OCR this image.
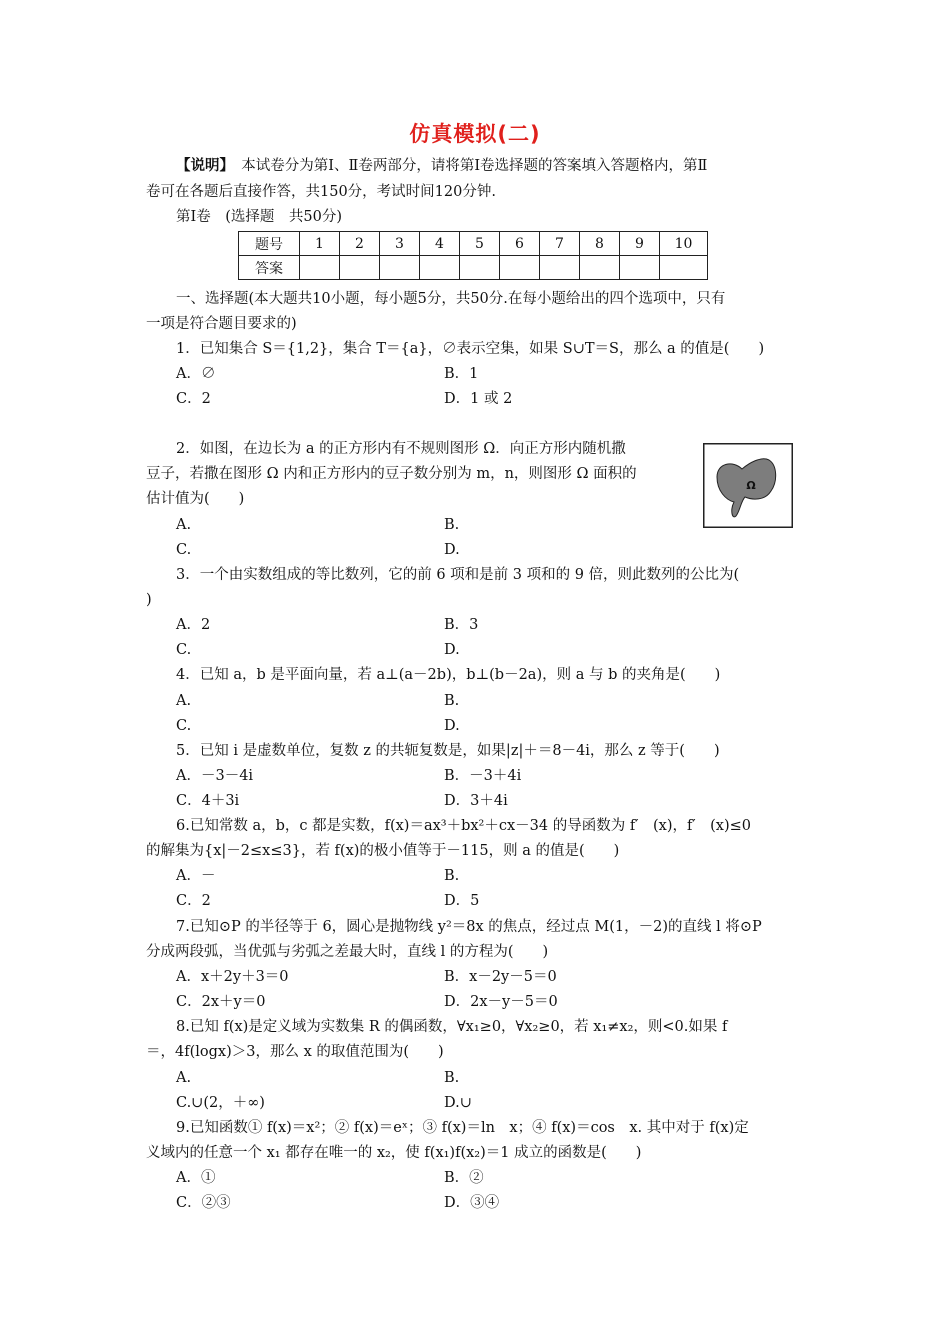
仿真模拟(二)
【说明】　 本试卷分为第Ⅰ、Ⅱ卷两部分，请将第Ⅰ卷选择题的答案填入答题格内，第Ⅱ
卷可在各题后直接作答，共150分，考试时间120分钟.
第Ⅰ卷　(选择题　共50分)
题号	1	2	3	4	5	6	7	8	9	10
答案										
一、选择题(本大题共10小题，每小题5分，共50分.在每小题给出的四个选项中，只有
一项是符合题目要求的)
1．已知集合 S＝{1,2}，集合 T＝{a}，∅表示空集，如果 S∪T＝S，那么 a 的值是(　　)
A．∅	B．1
C．2	D．1 或 2
2．如图，在边长为 a 的正方形内有不规则图形 Ω．向正方形内随机撒
豆子，若撒在图形 Ω 内和正方形内的豆子数分别为 m，n，则图形 Ω 面积的
估计值为(　　)
A.	B.
C.	D.
Ω
3．一个由实数组成的等比数列，它的前 6 项和是前 3 项和的 9 倍，则此数列的公比为(
)
A．2	B．3
C.	D.
4．已知 a，b 是平面向量，若 a⊥(a－2b)，b⊥(b－2a)，则 a 与 b 的夹角是(　　)
A.	B.
C.	D.
5．已知 i 是虚数单位，复数 z 的共轭复数是，如果|z|＋＝8－4i，那么 z 等于(　　)
A．－3－4i	B．－3＋4i
C．4＋3i	D．3＋4i
6.已知常数 a，b，c 都是实数，f(x)＝ax³＋bx²＋cx－34 的导函数为 f′　(x)，f′　(x)≤0
的解集为{x|－2≤x≤3}，若 f(x)的极小值等于－115，则 a 的值是(　　)
A．－	B.
C．2	D．5
7.已知⊙P 的半径等于 6，圆心是抛物线 y²＝8x 的焦点，经过点 M(1，－2)的直线 l 将⊙P
分成两段弧，当优弧与劣弧之差最大时，直线 l 的方程为(　　)
A．x＋2y＋3＝0	B．x－2y－5＝0
C．2x＋y＝0	D．2x－y－5＝0
8.已知 f(x)是定义域为实数集 R 的偶函数，∀x₁≥0，∀x₂≥0，若 x₁≠x₂，则<0.如果 f
＝，4f(logx)＞3，那么 x 的取值范围为(　　)
A.	B.
C.∪(2，＋∞)	D.∪
9.已知函数① f(x)＝x²；② f(x)＝eˣ；③ f(x)＝ln　x；④ f(x)＝cos　x. 其中对于 f(x)定
义域内的任意一个 x₁ 都存在唯一的 x₂，使 f(x₁)f(x₂)＝1 成立的函数是(　　)
A．①	B．②
C．②③	D．③④
